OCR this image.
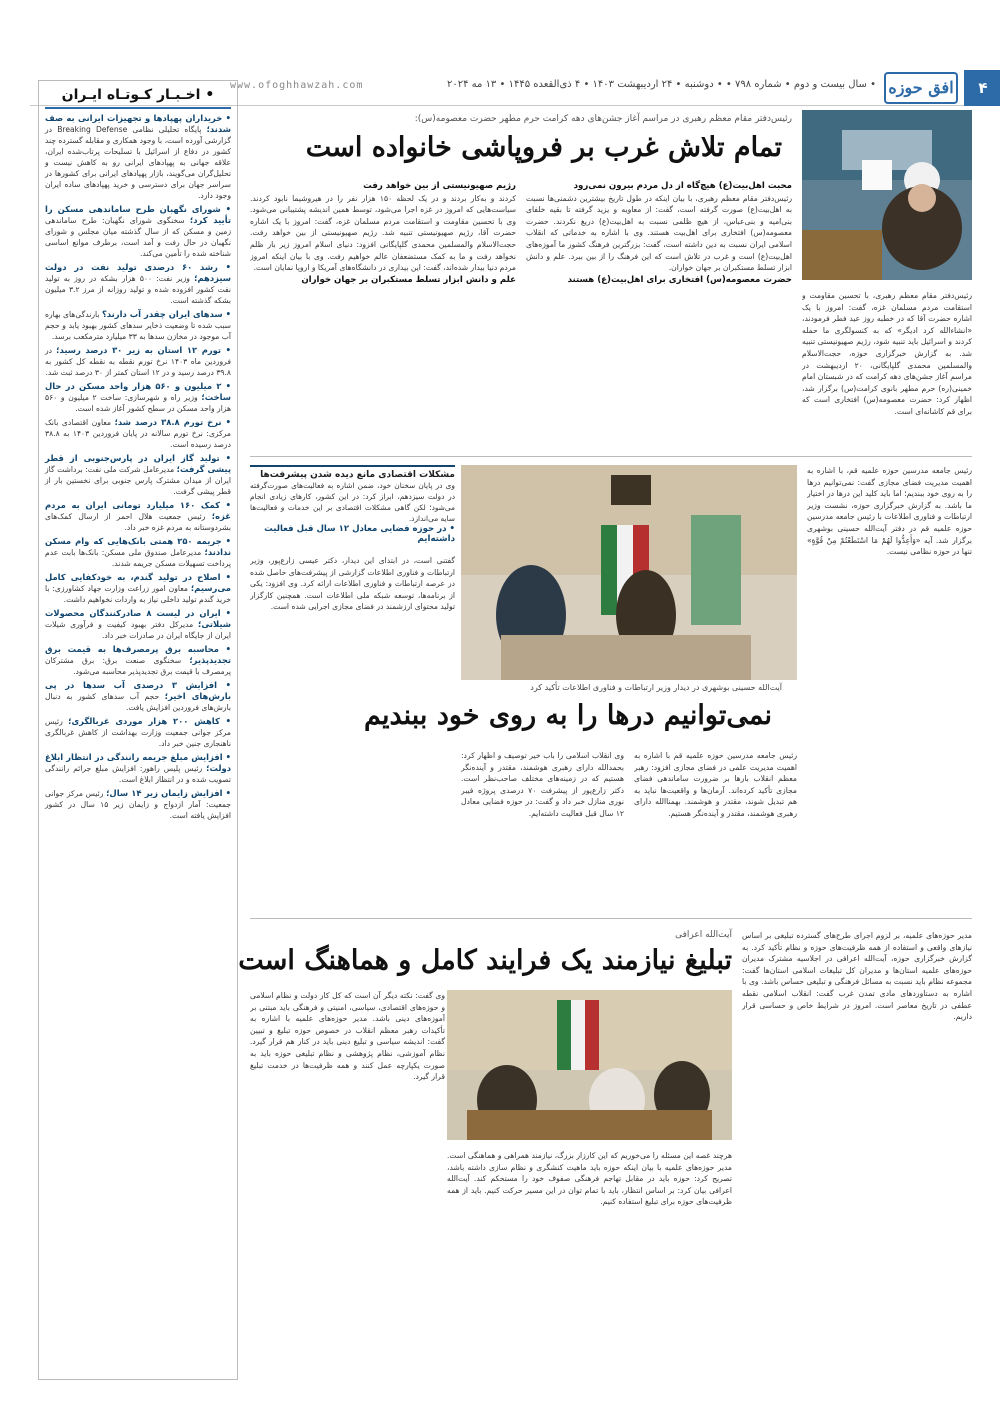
۴
افق حوزه
• سال بیست و دوم • شماره ۷۹۸ • • دوشنبه • ۲۴ اردیبهشت ۱۴۰۳ • ۴ ذی‌القعده ۱۴۴۵ • ۱۳ مه ۲۰۲۴
www.ofoghhawzah.com
• اخـبـار کـوتـاه ایـران
• خریداران پهپادها و تجهیزات ایرانی به صف شدند؛ پایگاه تحلیلی نظامی Breaking Defense در گزارشی آورده است، با وجود همکاری و مقابله گسترده چند کشور در دفاع از اسرائیل با تسلیحات پرتاب‌شده ایران، علاقه جهانی به پهپادهای ایرانی رو به کاهش نیست و تحلیل‌گران می‌گویند، بازار پهپادهای ایرانی برای کشورها در سراسر جهان برای دسترسی و خرید پهپادهای ساده ایران وجود دارد.
• شورای نگهبان طرح ساماندهی مسکن را تأیید کرد؛ سخنگوی شورای نگهبان: طرح ساماندهی زمین و مسکن که از سال گذشته میان مجلس و شورای نگهبان در حال رفت و آمد است، برطرف موانع اساسی شناخته شده را تأمین می‌کند.
• رشد ۶۰ درصدی تولید نفت در دولت سیزدهم؛ وزیر نفت: ۵۰۰ هزار بشکه در روز به تولید نفت کشور افزوده شده و تولید روزانه از مرز ۳.۲ میلیون بشکه گذشته است.
• سدهای ایران چقدر آب دارند؟ بارندگی‌های بهاره سبب شده تا وضعیت ذخایر سدهای کشور بهبود یابد و حجم آب موجود در مخازن سدها به ۳۳ میلیارد مترمکعب برسد.
• تورم ۱۲ استان به زیر ۳۰ درصد رسید؛ در فروردین ماه ۱۴۰۳ نرخ تورم نقطه به نقطه کل کشور به ۳۹.۸ درصد رسید و در ۱۲ استان کمتر از ۳۰ درصد ثبت شد.
• ۲ میلیون و ۵۶۰ هزار واحد مسکن در حال ساخت؛ وزیر راه و شهرسازی: ساخت ۲ میلیون و ۵۶۰ هزار واحد مسکن در سطح کشور آغاز شده است.
• نرخ تورم ۳۸.۸ درصد شد؛ معاون اقتصادی بانک مرکزی: نرخ تورم سالانه در پایان فروردین ۱۴۰۳ به ۳۸.۸ درصد رسیده است.
• تولید گاز ایران در پارس‌جنوبی از قطر پیشی گرفت؛ مدیرعامل شرکت ملی نفت: برداشت گاز ایران از میدان مشترک پارس جنوبی برای نخستین بار از قطر پیشی گرفت.
• کمک ۱۶۰ میلیارد تومانی ایران به مردم غزه؛ رئیس جمعیت هلال احمر از ارسال کمک‌های بشردوستانه به مردم غزه خبر داد.
• جریمه ۲۵۰ همتی بانک‌هایی که وام مسکن ندادند؛ مدیرعامل صندوق ملی مسکن: بانک‌ها بابت عدم پرداخت تسهیلات مسکن جریمه شدند.
• اصلاح در تولید گندم، به خودکفایی کامل می‌رسیم؛ معاون امور زراعت وزارت جهاد کشاورزی: با خرید گندم تولید داخلی نیاز به واردات نخواهیم داشت.
• ایران در لیست ۸ صادرکنندگان محصولات شیلاتی؛ مدیرکل دفتر بهبود کیفیت و فرآوری شیلات ایران از جایگاه ایران در صادرات خبر داد.
• محاسبه برق پرمصرف‌ها به قیمت برق تجدیدپذیر؛ سخنگوی صنعت برق: برق مشترکان پرمصرف با قیمت برق تجدیدپذیر محاسبه می‌شود.
• افزایش ۳ درصدی آب سدها در پی بارش‌های اخیر؛ حجم آب سدهای کشور به دنبال بارش‌های فروردین افزایش یافت.
• کاهش ۲۰۰ هزار موردی غربالگری؛ رئیس مرکز جوانی جمعیت وزارت بهداشت از کاهش غربالگری ناهنجاری جنین خبر داد.
• افزایش مبلغ جریمه رانندگی در انتظار ابلاغ دولت؛ رئیس پلیس راهور: افزایش مبلغ جرائم رانندگی تصویب شده و در انتظار ابلاغ است.
• افزایش زایمان زیر ۱۴ سال؛ رئیس مرکز جوانی جمعیت: آمار ازدواج و زایمان زیر ۱۵ سال در کشور افزایش یافته است.
رئیس‌دفتر مقام معظم رهبری در مراسم آغاز جشن‌های دهه کرامت حرم مطهر حضرت معصومه(س):
تمام تلاش غرب بر فروپاشی خانواده است

محبت اهل‌بیت(ع) هیچ‌گاه از دل مردم بیرون نمی‌رود
رئیس‌دفتر مقام معظم رهبری، با بیان اینکه در طول تاریخ بیشترین دشمنی‌ها نسبت به اهل‌بیت(ع) صورت گرفته است، گفت: از معاویه و یزید گرفته تا بقیه خلفای بنی‌امیه و بنی‌عباس، از هیچ ظلمی نسبت به اهل‌بیت(ع) دریغ نکردند. حضرت معصومه(س) افتخاری برای اهل‌بیت هستند. وی با اشاره به خدماتی که انقلاب اسلامی ایران نسبت به دین داشته است، گفت: بزرگترین فرهنگ کشور ما آموزه‌های اهل‌بیت(ع) است و غرب در تلاش است که این فرهنگ را از بین ببرد. علم و دانش ابزار تسلط مستکبران بر جهان خواران.
حضرت معصومه(س) افتخاری برای اهل‌بیت(ع) هستند

رژیم صهیونیستی از بین خواهد رفت
کردند و به‌کار بردند و در یک لحظه ۱۵۰ هزار نفر را در هیروشیما نابود کردند. سیاست‌هایی که امروز در غزه اجرا می‌شود، توسط همین اندیشه پشتیبانی می‌شود. وی با تحسین مقاومت و استقامت مردم مسلمان غزه، گفت: امروز با یک اشاره حضرت آقا، رژیم صهیونیستی تنبیه شد. رژیم صهیونیستی از بین خواهد رفت. حجت‌الاسلام والمسلمین محمدی گلپایگانی افزود: دنیای اسلام امروز زیر بار ظلم نخواهد رفت و ما به کمک مستضعفان عالم خواهیم رفت. وی با بیان اینکه امروز مردم دنیا بیدار شده‌اند، گفت: این بیداری در دانشگاه‌های آمریکا و اروپا نمایان است.
علم و دانش ابزار تسلط مستکبران بر جهان خواران

رئیس‌دفتر مقام معظم رهبری، با تحسین مقاومت و استقامت مردم مسلمان غزه، گفت: امروز با یک اشاره حضرت آقا که در خطبه روز عید فطر فرمودند، «انشاءالله کرد ادیگر» که به کنسولگری ما حمله کردند و اسرائیل باید تنبیه شود، رژیم صهیونیستی تنبیه شد. به گزارش خبرگزاری حوزه، حجت‌الاسلام والمسلمین محمدی گلپایگانی، ۲۰ اردیبهشت در مراسم آغاز جشن‌های دهه کرامت که در شبستان امام خمینی(ره) حرم مطهر بانوی کرامت(س) برگزار شد، اظهار کرد: حضرت معصومه(س) افتخاری است که برای قم کاشانه‌ای است.

آیت‌الله حسینی بوشهری در دیدار وزیر ارتباطات و فناوری اطلاعات تأکید کرد
نمی‌توانیم درها را به روی خود ببندیم
مشکلات اقتصادی مانع دیده شدن پیشرفت‌ها
وی در پایان سخنان خود، ضمن اشاره به فعالیت‌های صورت‌گرفته در دولت سیزدهم، ابراز کرد: در این کشور، کارهای زیادی انجام می‌شود؛ لکن گاهی مشکلات اقتصادی بر این خدمات و فعالیت‌ها سایه می‌اندازد.
• در حوزه فضایی معادل ۱۲ سال قبل فعالیت داشته‌ایم

گفتنی است، در ابتدای این دیدار، دکتر عیسی زارع‌پور، وزیر ارتباطات و فناوری اطلاعات گزارشی از پیشرفت‌های حاصل شده در عرصه ارتباطات و فناوری اطلاعات ارائه کرد. وی افزود: یکی از برنامه‌ها، توسعه شبکه ملی اطلاعات است. همچنین کارگزار تولید محتوای ارزشمند در فضای مجازی اجرایی شده است.

رئیس جامعه مدرسین حوزه علمیه قم، با اشاره به اهمیت مدیریت فضای مجازی گفت: نمی‌توانیم درها را به روی خود ببندیم؛ اما باید کلید این درها در اختیار ما باشد. به گزارش خبرگزاری حوزه، نشست وزیر ارتباطات و فناوری اطلاعات با رئیس جامعه مدرسین حوزه علمیه قم در دفتر آیت‌الله حسینی بوشهری برگزار شد. آیه «وَأَعِدُّوا لَهُمْ مَا اسْتَطَعْتُمْ مِنْ قُوَّةٍ» تنها در حوزه نظامی نیست.

رئیس جامعه مدرسین حوزه علمیه قم با اشاره به اهمیت مدیریت علمی در فضای مجازی افزود: رهبر معظم انقلاب بارها بر ضرورت ساماندهی فضای مجازی تأکید کرده‌اند. آرمان‌ها و واقعیت‌ها نباید به هم تبدیل شوند، مقتدر و هوشمند. بهمناالله دارای رهبری هوشمند، مقتدر و آینده‌نگر هستیم.

وی انقلاب اسلامی را باب خیر توصیف و اظهار کرد: بحمدالله دارای رهبری هوشمند، مقتدر و آینده‌نگر هستیم که در زمینه‌های مختلف صاحب‌نظر است. دکتر زارع‌پور از پیشرفت ۷۰ درصدی پروژه فیبر نوری منازل خبر داد و گفت: در حوزه فضایی معادل ۱۲ سال قبل فعالیت داشته‌ایم.

آیت‌الله اعرافی
تبلیغ نیازمند یک فرایند کامل و هماهنگ است

مدیر حوزه‌های علمیه، بر لزوم اجرای طرح‌های گسترده تبلیغی بر اساس نیازهای واقعی و استفاده از همه ظرفیت‌های حوزه و نظام تأکید کرد. به گزارش خبرگزاری حوزه، آیت‌الله اعرافی در اجلاسیه مشترک مدیران حوزه‌های علمیه استان‌ها و مدیران کل تبلیغات اسلامی استان‌ها گفت: مجموعه نظام باید نسبت به مسائل فرهنگی و تبلیغی حساس باشد. وی با اشاره به دستاوردهای مادی تمدن غرب گفت: انقلاب اسلامی نقطه عطفی در تاریخ معاصر است. امروز در شرایط خاص و حساسی قرار داریم.

هرچند غصه این مسئله را می‌خوریم که این کارزار بزرگ، نیازمند همراهی و هماهنگی است. مدیر حوزه‌های علمیه با بیان اینکه حوزه باید ماهیت کنشگری و نظام سازی داشته باشد، تصریح کرد: حوزه باید در مقابل تهاجم فرهنگی صفوف خود را مستحکم کند. آیت‌الله اعرافی بیان کرد: بر اساس انتظار، باید با تمام توان در این مسیر حرکت کنیم. باید از همه ظرفیت‌های حوزه برای تبلیغ استفاده کنیم.

وی گفت: نکته دیگر آن است که کل کار دولت و نظام اسلامی و حوزه‌های اقتصادی، سیاسی، امنیتی و فرهنگی باید مبتنی بر آموزه‌های دینی باشد. مدیر حوزه‌های علمیه با اشاره به تأکیدات رهبر معظم انقلاب در خصوص حوزه تبلیغ و تبیین گفت: اندیشه سیاسی و تبلیغ دینی باید در کنار هم قرار گیرد. نظام آموزشی، نظام پژوهشی و نظام تبلیغی حوزه باید به صورت یکپارچه عمل کنند و همه ظرفیت‌ها در خدمت تبلیغ قرار گیرد.
